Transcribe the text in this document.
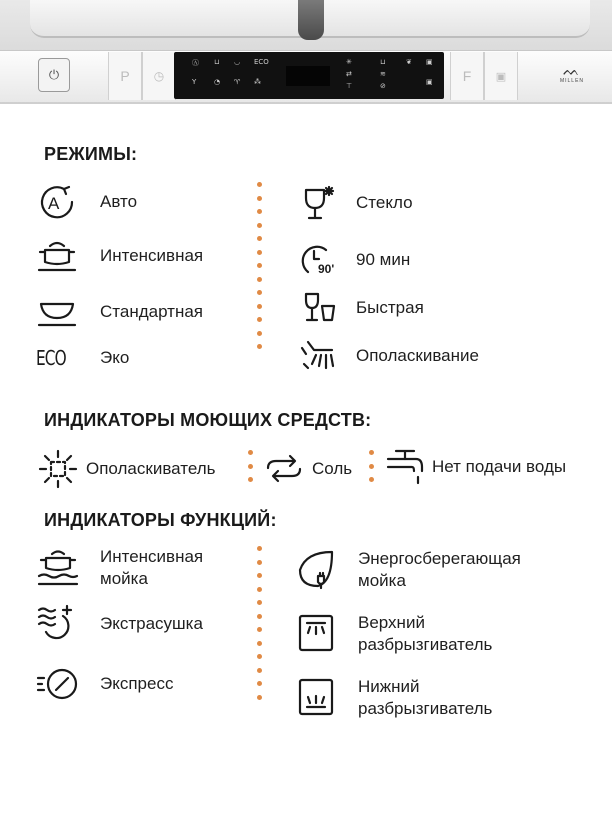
⏻	P ◷
Ⓐ ⊔ ◡ ECO
Y	◔ ♈ ⁂
✳
⇄
⊤
⊔
≋
⊘
❦ ▣
▣ F ▣	ᨓ
MILLEN
РЕЖИМЫ:
A Авто
Интенсивная
Стандартная
ECO	Эко
Стекло
90' 90 мин
Быстрая
Ополаскивание
ИНДИКАТОРЫ МОЮЩИХ СРЕДСТВ:
Ополаскиватель	Соль	Нет подачи воды
ИНДИКАТОРЫ ФУНКЦИЙ:
Интенсивная
мойка
Экстрасушка
Экспресс
Энергосберегающая
мойка
Верхний
разбрызгиватель
Нижний
разбрызгиватель
